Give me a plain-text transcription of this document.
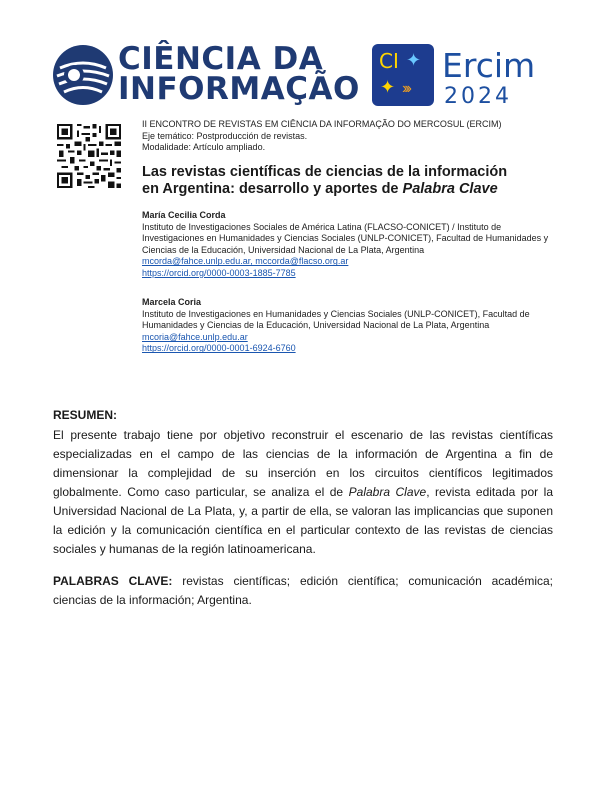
CIÊNCIA DA
INFORMAÇÃO
CI ✦
✦ ›››
Ercim
2024
II ENCONTRO DE REVISTAS EM CIÊNCIA DA INFORMAÇÃO DO MERCOSUL (ERCIM)
Eje temático: Postproducción de revistas.
Modalidade: Artículo ampliado.
Las revistas científicas de ciencias de la información
en Argentina: desarrollo y aportes de Palabra Clave
María Cecilia Corda
Instituto de Investigaciones Sociales de América Latina (FLACSO-CONICET) / Instituto de Investigaciones en Humanidades y Ciencias Sociales (UNLP-CONICET), Facultad de Humanidades y Ciencias de la Educación, Universidad Nacional de La Plata, Argentina
mcorda@fahce.unlp.edu.ar, mccorda@flacso.org.ar
https://orcid.org/0000-0003-1885-7785
Marcela Coria
Instituto de Investigaciones en Humanidades y Ciencias Sociales (UNLP-CONICET), Facultad de Humanidades y Ciencias de la Educación, Universidad Nacional de La Plata, Argentina
mcoria@fahce.unlp.edu.ar
https://orcid.org/0000-0001-6924-6760
RESUMEN:
El presente trabajo tiene por objetivo reconstruir el escenario de las revistas científicas especializadas en el campo de las ciencias de la información de Argentina a fin de dimensionar la complejidad de su inserción en los circuitos científicos legitimados globalmente. Como caso particular, se analiza el de Palabra Clave, revista editada por la Universidad Nacional de La Plata, y, a partir de ella, se valoran las implicancias que suponen la edición y la comunicación científica en el particular contexto de las revistas de ciencias sociales y humanas de la región latinoamericana.
PALABRAS CLAVE: revistas científicas; edición científica; comunicación académica; ciencias de la información; Argentina.
